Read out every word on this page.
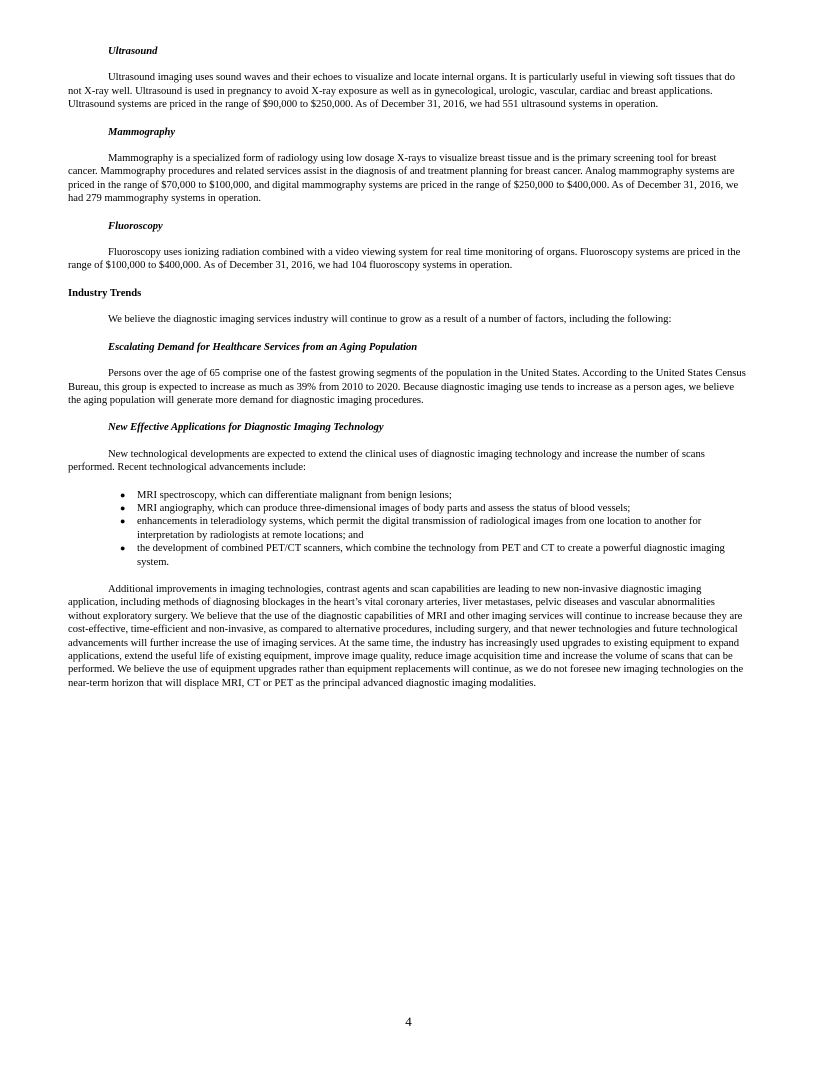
Ultrasound

Ultrasound imaging uses sound waves and their echoes to visualize and locate internal organs. It is particularly useful in viewing soft tissues that do not X-ray well. Ultrasound is used in pregnancy to avoid X-ray exposure as well as in gynecological, urologic, vascular, cardiac and breast applications. Ultrasound systems are priced in the range of $90,000 to $250,000. As of December 31, 2016, we had 551 ultrasound systems in operation.

Mammography

Mammography is a specialized form of radiology using low dosage X-rays to visualize breast tissue and is the primary screening tool for breast cancer. Mammography procedures and related services assist in the diagnosis of and treatment planning for breast cancer. Analog mammography systems are priced in the range of $70,000 to $100,000, and digital mammography systems are priced in the range of $250,000 to $400,000. As of December 31, 2016, we had 279 mammography systems in operation.

Fluoroscopy

Fluoroscopy uses ionizing radiation combined with a video viewing system for real time monitoring of organs. Fluoroscopy systems are priced in the range of $100,000 to $400,000. As of December 31, 2016, we had 104 fluoroscopy systems in operation.

Industry Trends

We believe the diagnostic imaging services industry will continue to grow as a result of a number of factors, including the following:

Escalating Demand for Healthcare Services from an Aging Population

Persons over the age of 65 comprise one of the fastest growing segments of the population in the United States. According to the United States Census Bureau, this group is expected to increase as much as 39% from 2010 to 2020. Because diagnostic imaging use tends to increase as a person ages, we believe the aging population will generate more demand for diagnostic imaging procedures.

New Effective Applications for Diagnostic Imaging Technology

New technological developments are expected to extend the clinical uses of diagnostic imaging technology and increase the number of scans performed. Recent technological advancements include:

● MRI spectroscopy, which can differentiate malignant from benign lesions;
● MRI angiography, which can produce three-dimensional images of body parts and assess the status of blood vessels;
● enhancements in teleradiology systems, which permit the digital transmission of radiological images from one location to another for interpretation by radiologists at remote locations; and
● the development of combined PET/CT scanners, which combine the technology from PET and CT to create a powerful diagnostic imaging system.

Additional improvements in imaging technologies, contrast agents and scan capabilities are leading to new non-invasive diagnostic imaging application, including methods of diagnosing blockages in the heart’s vital coronary arteries, liver metastases, pelvic diseases and vascular abnormalities without exploratory surgery. We believe that the use of the diagnostic capabilities of MRI and other imaging services will continue to increase because they are cost-effective, time-efficient and non-invasive, as compared to alternative procedures, including surgery, and that newer technologies and future technological advancements will further increase the use of imaging services. At the same time, the industry has increasingly used upgrades to existing equipment to expand applications, extend the useful life of existing equipment, improve image quality, reduce image acquisition time and increase the volume of scans that can be performed. We believe the use of equipment upgrades rather than equipment replacements will continue, as we do not foresee new imaging technologies on the near-term horizon that will displace MRI, CT or PET as the principal advanced diagnostic imaging modalities.

4
